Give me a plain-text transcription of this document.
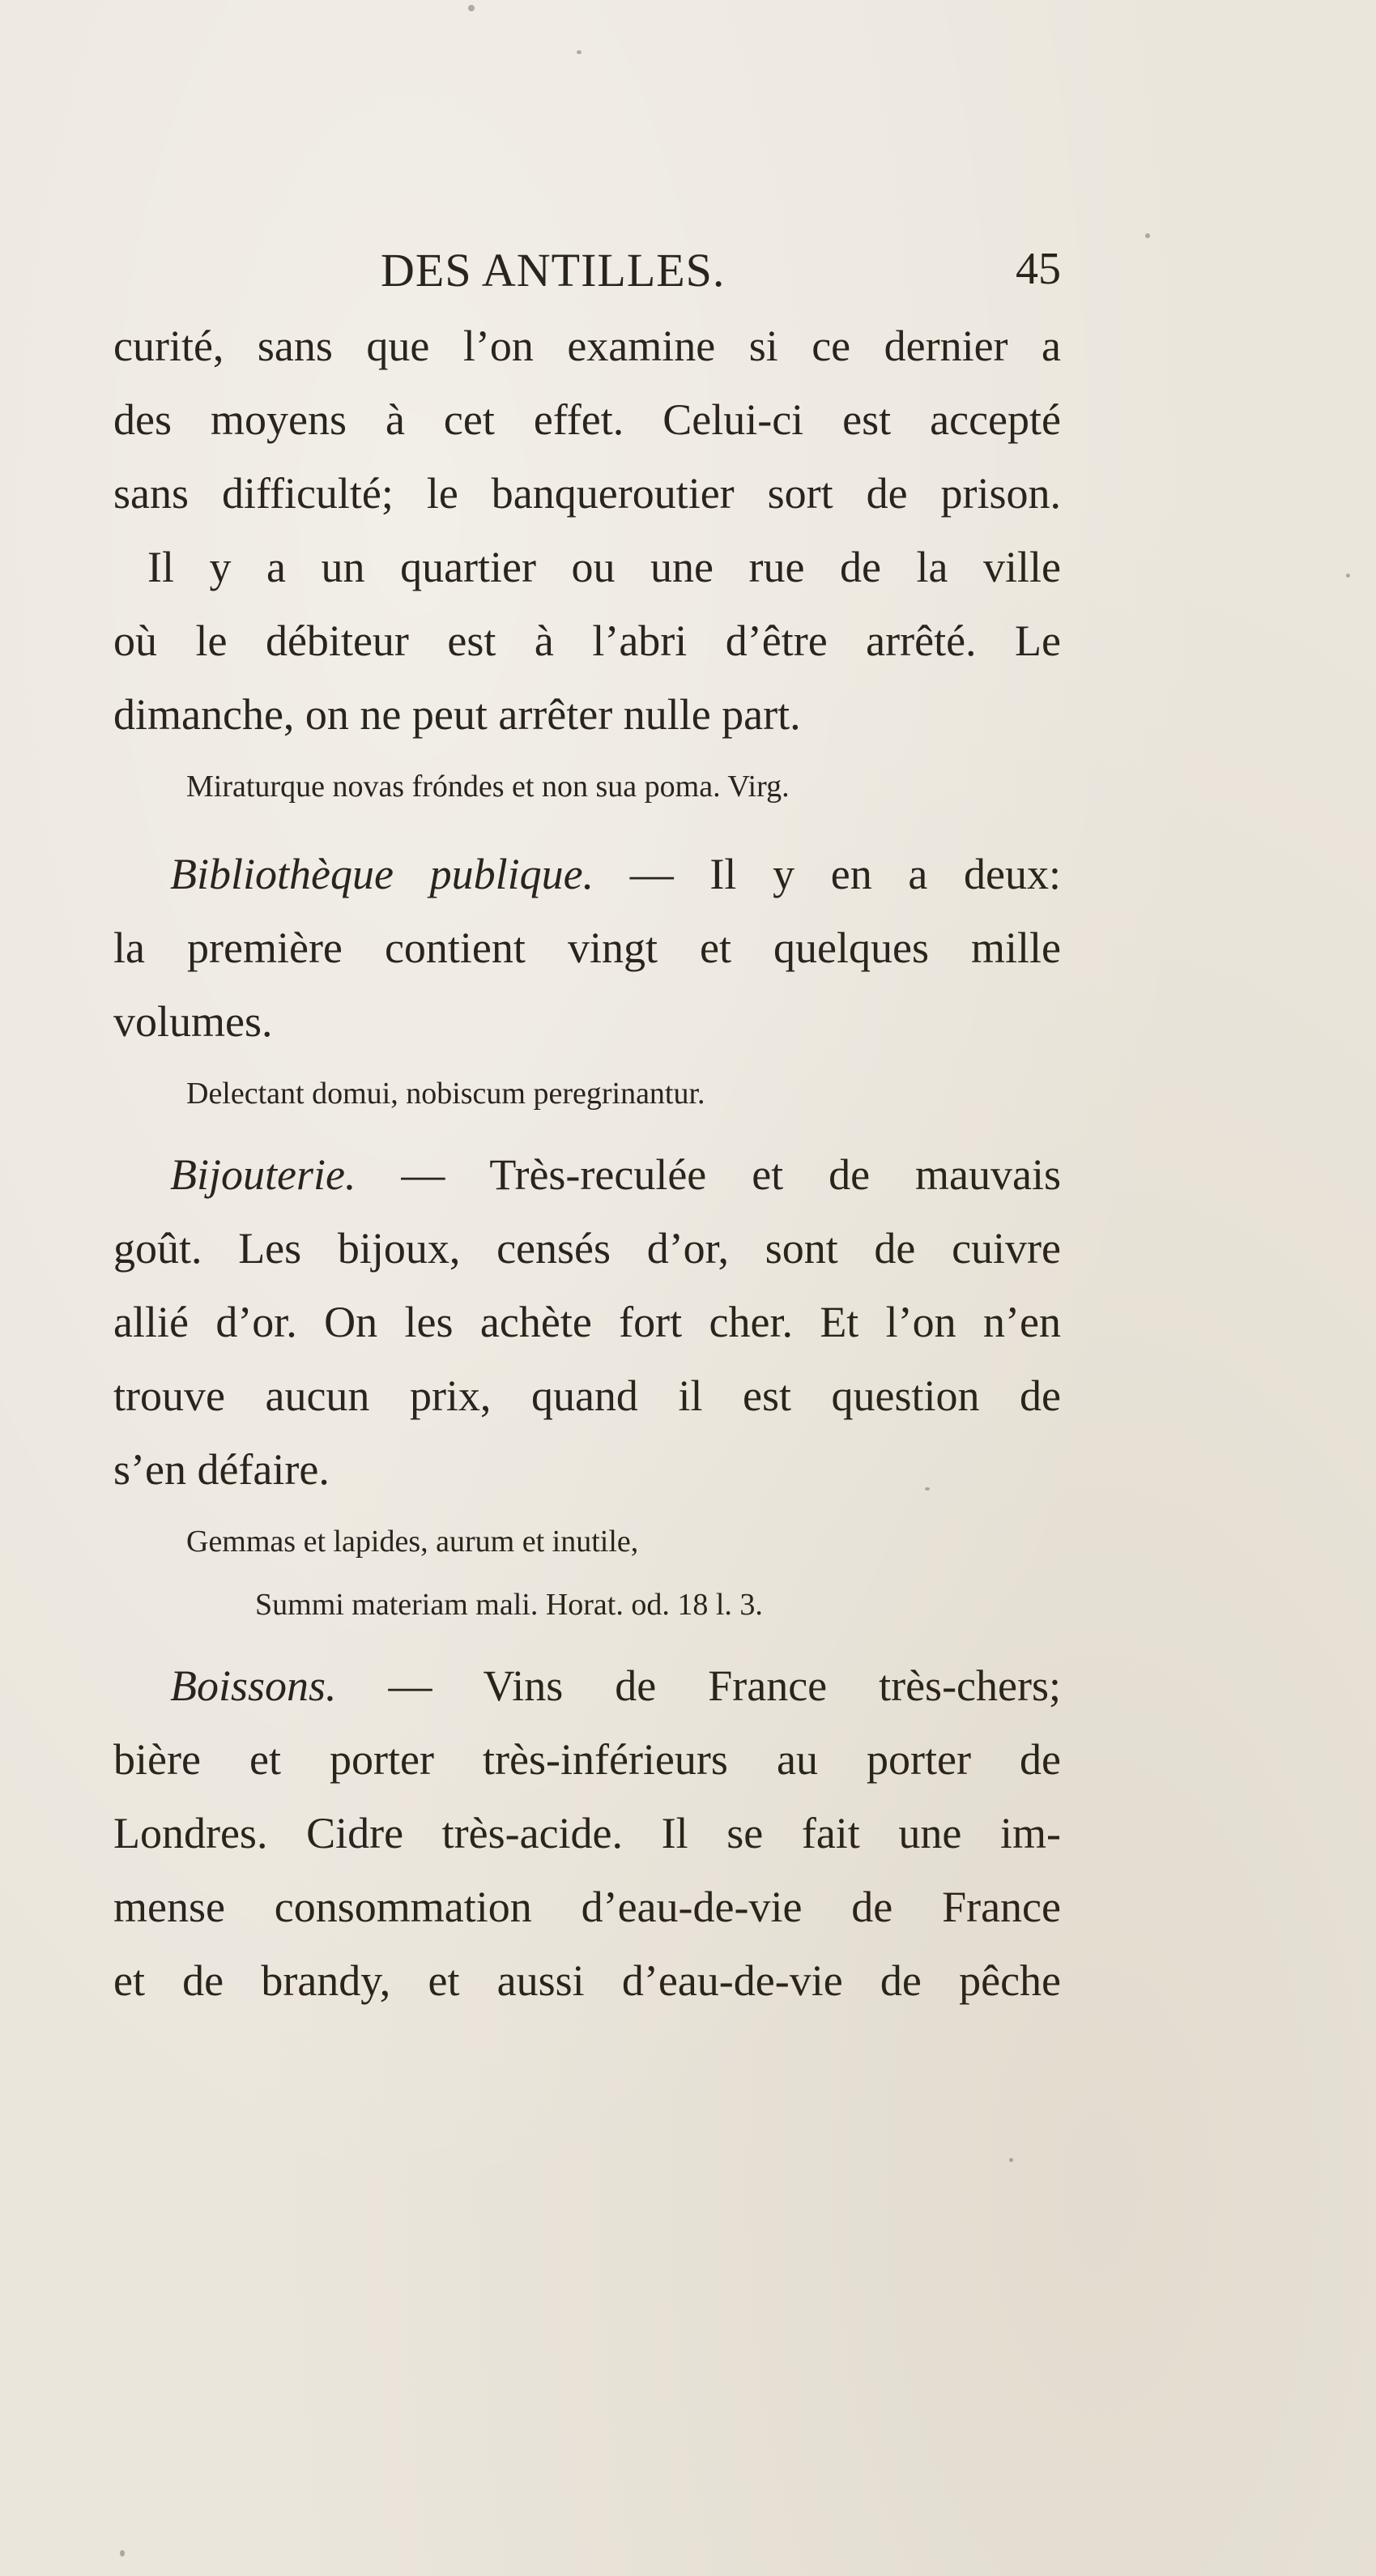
DES ANTILLES.	45
curité, sans que l’on examine si ce dernier a
des moyens à cet effet. Celui-ci est accepté
sans difficulté; le banqueroutier sort de prison.
Il y a un quartier ou une rue de la ville
où le débiteur est à l’abri d’être arrêté. Le
dimanche, on ne peut arrêter nulle part.
Miraturque novas fróndes et non sua poma. Virg.
Bibliothèque publique. — Il y en a deux:
la première contient vingt et quelques mille
volumes.
Delectant domui, nobiscum peregrinantur.
Bijouterie. — Très-reculée et de mauvais
goût. Les bijoux, censés d’or, sont de cuivre
allié d’or. On les achète fort cher. Et l’on n’en
trouve aucun prix, quand il est question de
s’en défaire.
Gemmas et lapides, aurum et inutile,
Summi materiam mali. Horat. od. 18 l. 3.
Boissons. — Vins de France très-chers;
bière et porter très-inférieurs au porter de
Londres. Cidre très-acide. Il se fait une im-
mense consommation d’eau-de-vie de France
et de brandy, et aussi d’eau-de-vie de pêche
